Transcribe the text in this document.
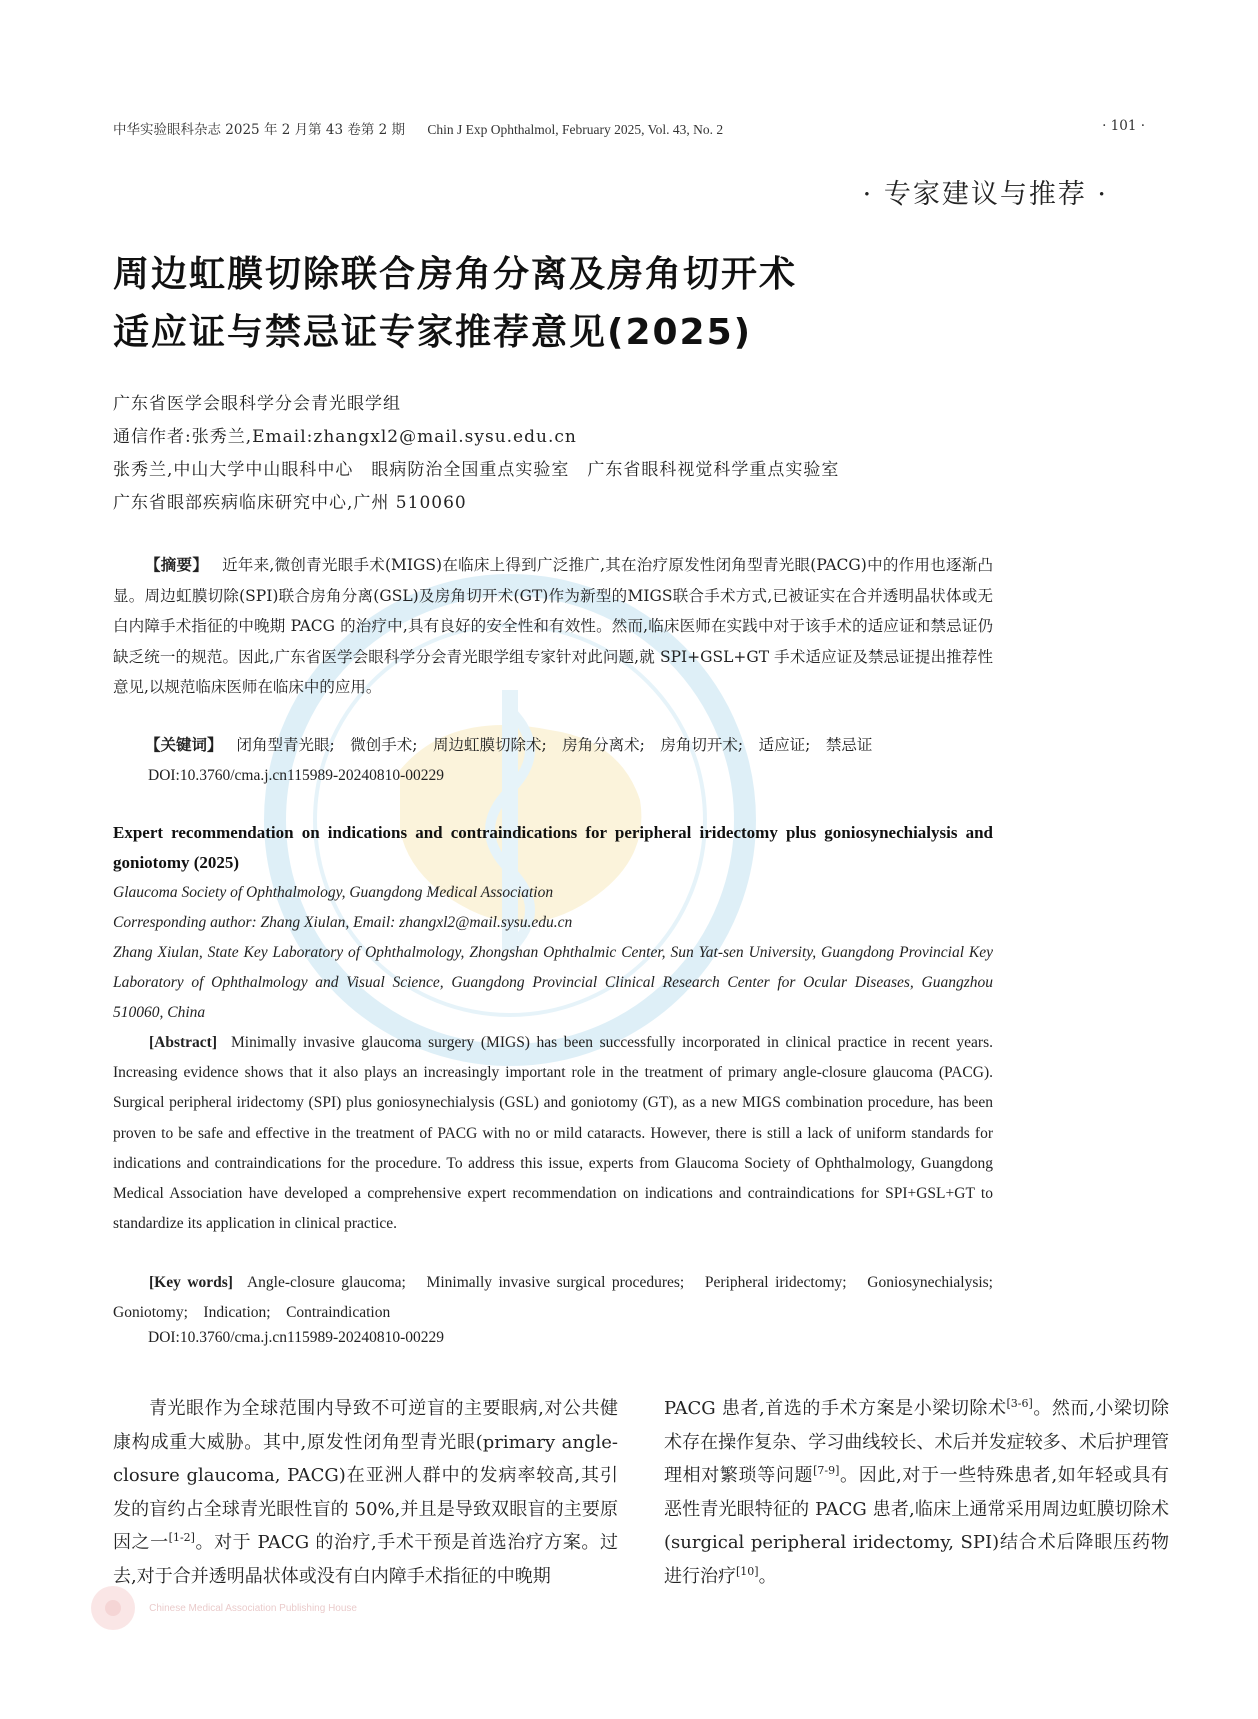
中华实验眼科杂志 2025 年 2 月第 43 卷第 2 期 Chin J Exp Ophthalmol, February 2025, Vol. 43, No. 2	· 101 ·
· 专家建议与推荐 ·
周边虹膜切除联合房角分离及房角切开术
适应证与禁忌证专家推荐意见(2025)
广东省医学会眼科学分会青光眼学组
通信作者:张秀兰,Email:zhangxl2@mail.sysu.edu.cn
张秀兰,中山大学中山眼科中心　眼病防治全国重点实验室　广东省眼科视觉科学重点实验室
广东省眼部疾病临床研究中心,广州 510060
【摘要】 近年来,微创青光眼手术(MIGS)在临床上得到广泛推广,其在治疗原发性闭角型青光眼(PACG)中的作用也逐渐凸显。周边虹膜切除(SPI)联合房角分离(GSL)及房角切开术(GT)作为新型的MIGS联合手术方式,已被证实在合并透明晶状体或无白内障手术指征的中晚期 PACG 的治疗中,具有良好的安全性和有效性。然而,临床医师在实践中对于该手术的适应证和禁忌证仍缺乏统一的规范。因此,广东省医学会眼科学分会青光眼学组专家针对此问题,就 SPI+GSL+GT 手术适应证及禁忌证提出推荐性意见,以规范临床医师在临床中的应用。
【关键词】 闭角型青光眼;　微创手术;　周边虹膜切除术;　房角分离术;　房角切开术;　适应证;　禁忌证
DOI:10.3760/cma.j.cn115989-20240810-00229
Expert recommendation on indications and contraindications for peripheral iridectomy plus goniosynechialysis and goniotomy (2025)
Glaucoma Society of Ophthalmology, Guangdong Medical Association
Corresponding author: Zhang Xiulan, Email: zhangxl2@mail.sysu.edu.cn
Zhang Xiulan, State Key Laboratory of Ophthalmology, Zhongshan Ophthalmic Center, Sun Yat-sen University, Guangdong Provincial Key Laboratory of Ophthalmology and Visual Science, Guangdong Provincial Clinical Research Center for Ocular Diseases, Guangzhou 510060, China
[Abstract] Minimally invasive glaucoma surgery (MIGS) has been successfully incorporated in clinical practice in recent years. Increasing evidence shows that it also plays an increasingly important role in the treatment of primary angle-closure glaucoma (PACG). Surgical peripheral iridectomy (SPI) plus goniosynechialysis (GSL) and goniotomy (GT), as a new MIGS combination procedure, has been proven to be safe and effective in the treatment of PACG with no or mild cataracts. However, there is still a lack of uniform standards for indications and contraindications for the procedure. To address this issue, experts from Glaucoma Society of Ophthalmology, Guangdong Medical Association have developed a comprehensive expert recommendation on indications and contraindications for SPI+GSL+GT to standardize its application in clinical practice.
[Key words] Angle-closure glaucoma;　Minimally invasive surgical procedures;　Peripheral iridectomy;　Goniosynechialysis;　Goniotomy;　Indication;　Contraindication
DOI:10.3760/cma.j.cn115989-20240810-00229
青光眼作为全球范围内导致不可逆盲的主要眼病,对公共健康构成重大威胁。其中,原发性闭角型青光眼(primary angle-closure glaucoma, PACG)在亚洲人群中的发病率较高,其引发的盲约占全球青光眼性盲的 50%,并且是导致双眼盲的主要原因之一[1-2]。对于 PACG 的治疗,手术干预是首选治疗方案。过去,对于合并透明晶状体或没有白内障手术指征的中晚期
PACG 患者,首选的手术方案是小梁切除术[3-6]。然而,小梁切除术存在操作复杂、学习曲线较长、术后并发症较多、术后护理管理相对繁琐等问题[7-9]。因此,对于一些特殊患者,如年轻或具有恶性青光眼特征的 PACG 患者,临床上通常采用周边虹膜切除术(surgical peripheral iridectomy, SPI)结合术后降眼压药物进行治疗[10]。
Chinese Medical Association Publishing House
